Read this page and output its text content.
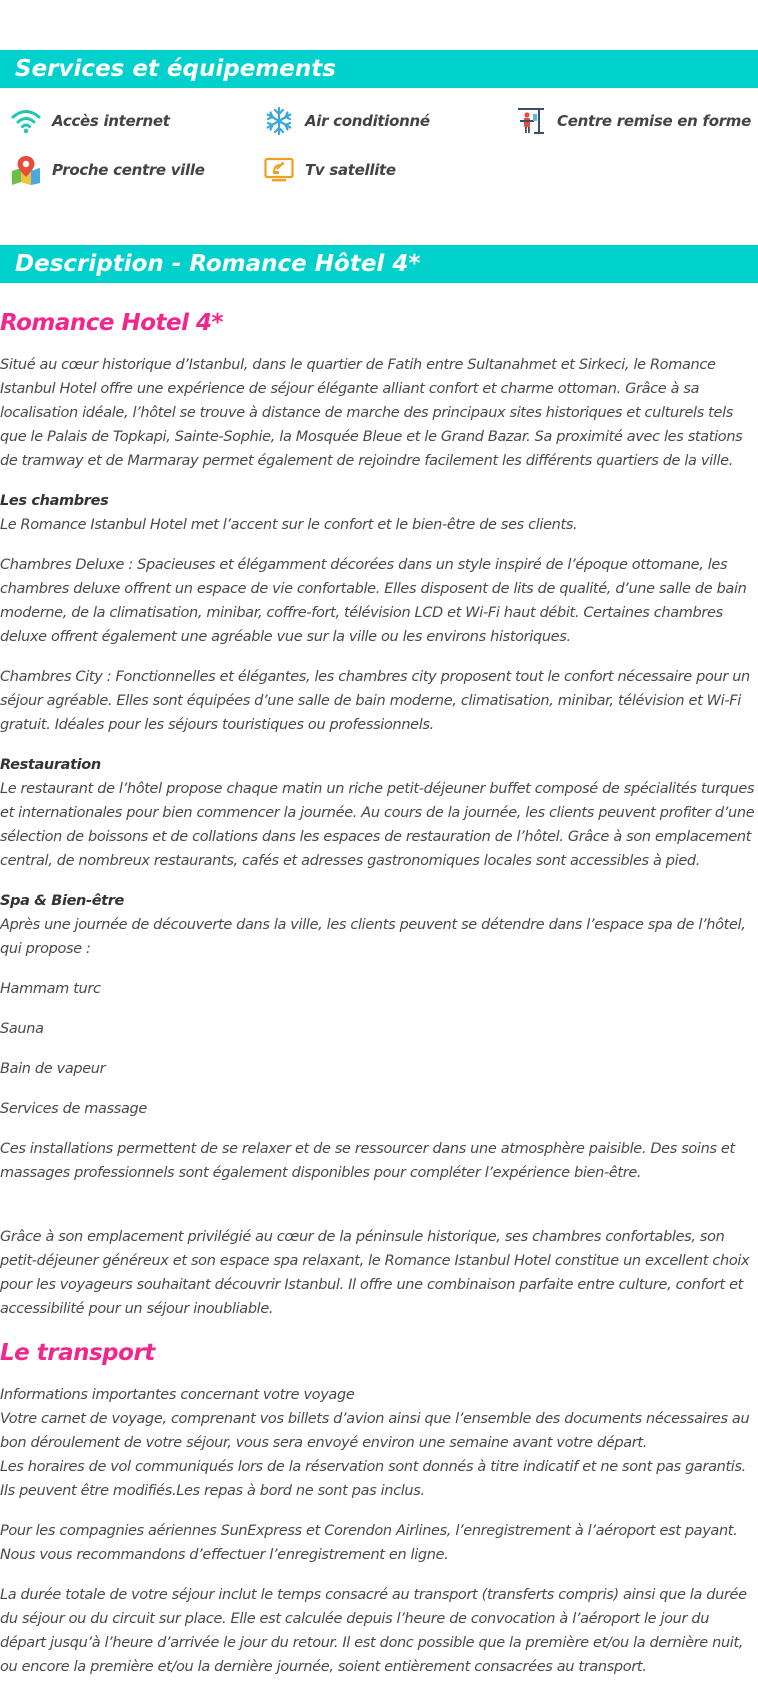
Services et équipements
Accès internet	Air conditionné	Centre remise en forme
Proche centre ville	Tv satellite
Description - Romance Hôtel 4*
Romance Hotel 4*

Situé au cœur historique d’Istanbul, dans le quartier de Fatih entre Sultanahmet et Sirkeci, le Romance Istanbul Hotel offre une expérience de séjour élégante alliant confort et charme ottoman. Grâce à sa localisation idéale, l’hôtel se trouve à distance de marche des principaux sites historiques et culturels tels que le Palais de Topkapi, Sainte-Sophie, la Mosquée Bleue et le Grand Bazar. Sa proximité avec les stations de tramway et de Marmaray permet également de rejoindre facilement les différents quartiers de la ville.

Les chambres
Le Romance Istanbul Hotel met l’accent sur le confort et le bien-être de ses clients.

Chambres Deluxe : Spacieuses et élégamment décorées dans un style inspiré de l’époque ottomane, les chambres deluxe offrent un espace de vie confortable. Elles disposent de lits de qualité, d’une salle de bain moderne, de la climatisation, minibar, coffre-fort, télévision LCD et Wi-Fi haut débit. Certaines chambres deluxe offrent également une agréable vue sur la ville ou les environs historiques.

Chambres City : Fonctionnelles et élégantes, les chambres city proposent tout le confort nécessaire pour un séjour agréable. Elles sont équipées d’une salle de bain moderne, climatisation, minibar, télévision et Wi-Fi gratuit. Idéales pour les séjours touristiques ou professionnels.

Restauration
Le restaurant de l’hôtel propose chaque matin un riche petit-déjeuner buffet composé de spécialités turques et internationales pour bien commencer la journée. Au cours de la journée, les clients peuvent profiter d’une sélection de boissons et de collations dans les espaces de restauration de l’hôtel. Grâce à son emplacement central, de nombreux restaurants, cafés et adresses gastronomiques locales sont accessibles à pied.

Spa & Bien-être
Après une journée de découverte dans la ville, les clients peuvent se détendre dans l’espace spa de l’hôtel, qui propose :

Hammam turc

Sauna

Bain de vapeur

Services de massage

Ces installations permettent de se relaxer et de se ressourcer dans une atmosphère paisible. Des soins et massages professionnels sont également disponibles pour compléter l’expérience bien-être.

Grâce à son emplacement privilégié au cœur de la péninsule historique, ses chambres confortables, son petit-déjeuner généreux et son espace spa relaxant, le Romance Istanbul Hotel constitue un excellent choix pour les voyageurs souhaitant découvrir Istanbul. Il offre une combinaison parfaite entre culture, confort et accessibilité pour un séjour inoubliable.

Le transport

Informations importantes concernant votre voyage
Votre carnet de voyage, comprenant vos billets d’avion ainsi que l’ensemble des documents nécessaires au bon déroulement de votre séjour, vous sera envoyé environ une semaine avant votre départ.
Les horaires de vol communiqués lors de la réservation sont donnés à titre indicatif et ne sont pas garantis. Ils peuvent être modifiés.Les repas à bord ne sont pas inclus.

Pour les compagnies aériennes SunExpress et Corendon Airlines, l’enregistrement à l’aéroport est payant. Nous vous recommandons d’effectuer l’enregistrement en ligne.

La durée totale de votre séjour inclut le temps consacré au transport (transferts compris) ainsi que la durée du séjour ou du circuit sur place. Elle est calculée depuis l’heure de convocation à l’aéroport le jour du départ jusqu’à l’heure d’arrivée le jour du retour. Il est donc possible que la première et/ou la dernière nuit, ou encore la première et/ou la dernière journée, soient entièrement consacrées au transport.
